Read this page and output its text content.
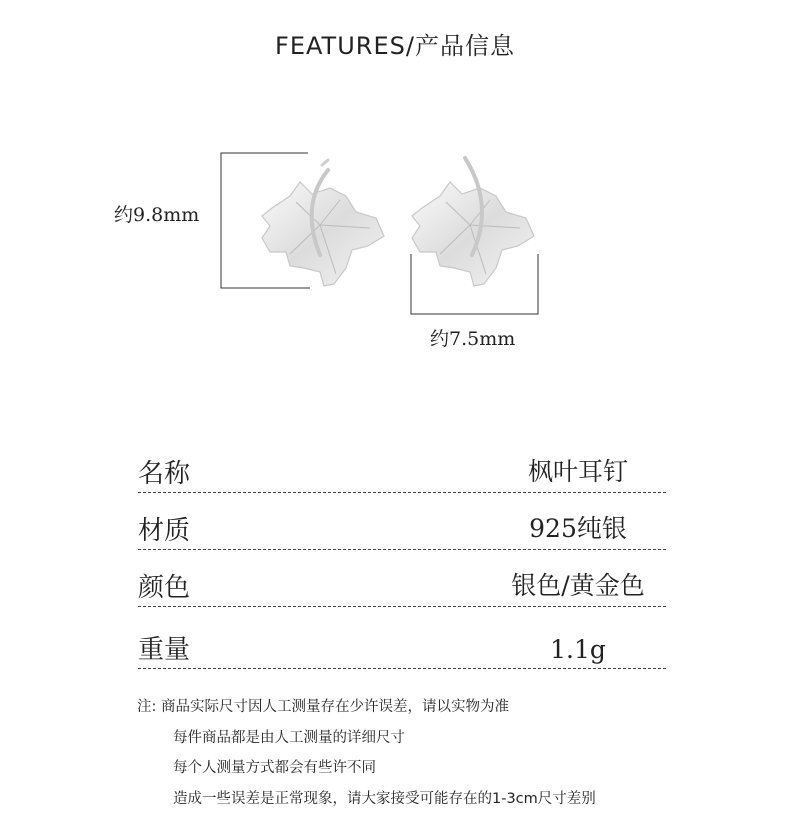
FEATURES/产品信息
约9.8mm
约7.5mm
名称	枫叶耳钉
材质	925纯银
颜色	银色/黄金色
重量	1.1g
注: 商品实际尺寸因人工测量存在少许误差，请以实物为准
每件商品都是由人工测量的详细尺寸
每个人测量方式都会有些许不同
造成一些误差是正常现象，请大家接受可能存在的1-3cm尺寸差别
